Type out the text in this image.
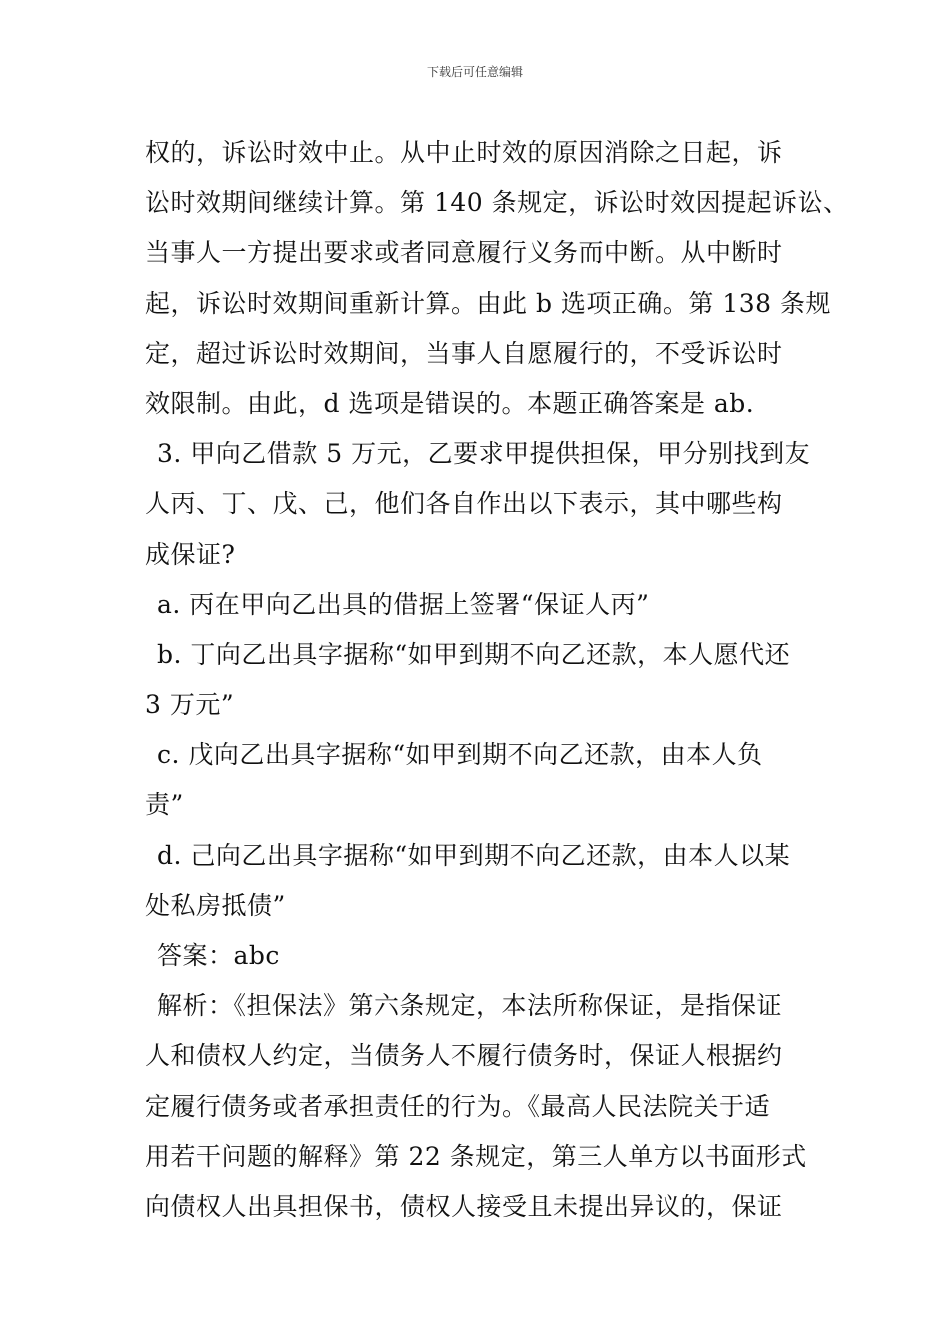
下载后可任意编辑
权的，诉讼时效中止。从中止时效的原因消除之日起，诉
讼时效期间继续计算。第 140 条规定，诉讼时效因提起诉讼、
当事人一方提出要求或者同意履行义务而中断。从中断时
起，诉讼时效期间重新计算。由此 b 选项正确。第 138 条规
定，超过诉讼时效期间，当事人自愿履行的，不受诉讼时
效限制。由此，d 选项是错误的。本题正确答案是 ab.
3. 甲向乙借款 5 万元，乙要求甲提供担保，甲分别找到友
人丙、丁、戊、己，他们各自作出以下表示，其中哪些构
成保证?
a. 丙在甲向乙出具的借据上签署“保证人丙”
b. 丁向乙出具字据称“如甲到期不向乙还款，本人愿代还
3 万元”
c. 戊向乙出具字据称“如甲到期不向乙还款，由本人负
责”
d. 己向乙出具字据称“如甲到期不向乙还款，由本人以某
处私房抵债”
答案：abc
解析：《担保法》第六条规定，本法所称保证，是指保证
人和债权人约定，当债务人不履行债务时，保证人根据约
定履行债务或者承担责任的行为。《最高人民法院关于适
用若干问题的解释》第 22 条规定，第三人单方以书面形式
向债权人出具担保书，债权人接受且未提出异议的，保证
